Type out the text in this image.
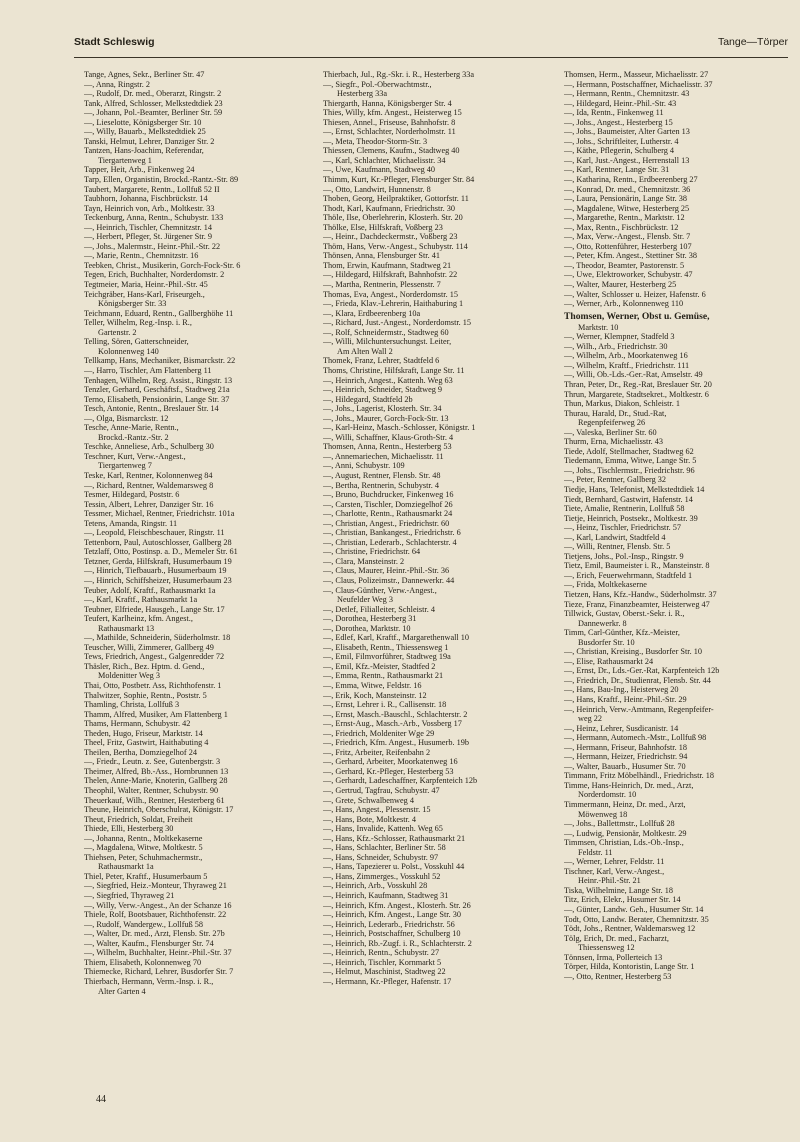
Stadt Schleswig	Tange—Törper
Tange, Agnes, Sekr., Berliner Str. 47
—, Anna, Ringstr. 2
—, Rudolf, Dr. med., Oberarzt, Ringstr. 2
Tank, Alfred, Schlosser, Melkstedtdiek 23
—, Johann, Pol.-Beamter, Berliner Str. 59
—, Lieselotte, Königsberger Str. 10
—, Willy, Bauarb., Melkstedtdiek 25
Tanski, Helmut, Lehrer, Danziger Str. 2
Tantzen, Hans-Joachim, Referendar,
Tiergartenweg 1
Tapper, Heit, Arb., Finkenweg 24
Tarp, Ellen, Organistin, Brockd.-Rantz.-Str. 89
Taubert, Margarete, Rentn., Lollfuß 52 II
Taubhorn, Johanna, Fischbrückstr. 14
Tayn, Heinrich von, Arb., Moltkestr. 33
Teckenburg, Anna, Rentn., Schubystr. 133
—, Heinrich, Tischler, Chemnitzstr. 14
—, Herbert, Pfleger, St. Jürgener Str. 9
—, Johs., Malermstr., Heinr.-Phil.-Str. 22
—, Marie, Rentn., Chemnitzstr. 16
Teebken, Christ., Musikerin, Gorch-Fock-Str. 6
Tegen, Erich, Buchhalter, Norderdomstr. 2
Tegtmeier, Maria, Heinr.-Phil.-Str. 45
Teichgräber, Hans-Karl, Friseurgeh.,
Königsberger Str. 33
Teichmann, Eduard, Rentn., Gallberghöhe 11
Teller, Wilhelm, Reg.-Insp. i. R.,
Gartenstr. 2
Telling, Sören, Gatterschneider,
Kolonnenweg 140
Tellkamp, Hans, Mechaniker, Bismarckstr. 22
—, Harro, Tischler, Am Flattenberg 11
Tenhagen, Wilhelm, Reg. Assist., Ringstr. 13
Tenzler, Gerhard, Geschäftsf., Stadtweg 21a
Terno, Elisabeth, Pensionärin, Lange Str. 37
Tesch, Antonie, Rentn., Breslauer Str. 14
—, Olga, Bismarckstr. 12
Tesche, Anne-Marie, Rentn.,
Brockd.-Rantz.-Str. 2
Teschke, Anneliese, Arb., Schulberg 30
Teschner, Kurt, Verw.-Angest.,
Tiergartenweg 7
Teske, Karl, Rentner, Kolonnenweg 84
—, Richard, Rentner, Waldemarsweg 8
Tesmer, Hildegard, Poststr. 6
Tessin, Albert, Lehrer, Danziger Str. 16
Tessmer, Michael, Rentner, Friedrichstr. 101a
Tetens, Amanda, Ringstr. 11
—, Leopold, Fleischbeschauer, Ringstr. 11
Tettenborn, Paul, Autoschlosser, Gallberg 28
Tetzlaff, Otto, Postinsp. a. D., Memeler Str. 61
Tetzner, Gerda, Hilfskraft, Husumerbaum 19
—, Hinrich, Tiefbauarb., Husumerbaum 19
—, Hinrich, Schiffsheizer, Husumerbaum 23
Teuber, Adolf, Kraftf., Rathausmarkt 1a
—, Karl, Kraftf., Rathausmarkt 1a
Teubner, Elfriede, Hausgeh., Lange Str. 17
Teufert, Karlheinz, kfm. Angest.,
Rathausmarkt 13
—, Mathilde, Schneiderin, Süderholmstr. 18
Teuscher, Willi, Zimmerer, Gallberg 49
Tews, Friedrich, Angest., Galgenredder 72
Thäsler, Rich., Bez. Hptm. d. Gend.,
Moldenitter Weg 3
Thai, Otto, Postbetr. Ass, Richthofenstr. 1
Thalwitzer, Sophie, Rentn., Poststr. 5
Thamling, Christa, Lollfuß 3
Thamm, Alfred, Musiker, Am Flattenberg 1
Thams, Hermann, Schubystr. 42
Theden, Hugo, Friseur, Marktstr. 14
Theel, Fritz, Gastwirt, Haithabuting 4
Theilen, Bertha, Domziegelhof 24
—, Friedr., Leutn. z. See, Gutenbergstr. 3
Theimer, Alfred, Bb.-Ass., Hornbrunnen 13
Thelen, Anne-Marie, Knoterin, Gallberg 28
Theophil, Walter, Rentner, Schubystr. 90
Theuerkauf, Wilh., Rentner, Hesterberg 61
Theune, Heinrich, Oberschulrat, Königstr. 17
Theut, Friedrich, Soldat, Freiheit
Thiede, Elli, Hesterberg 30
—, Johanna, Rentn., Moltkekaserne
—, Magdalena, Witwe, Moltkestr. 5
Thiehsen, Peter, Schuhmachermstr.,
Rathausmarkt 1a
Thiel, Peter, Kraftf., Husumerbaum 5
—, Siegfried, Heiz.-Monteur, Thyraweg 21
—, Siegfried, Thyraweg 21
—, Willy, Verw.-Angest., An der Schanze 16
Thiele, Rolf, Bootsbauer, Richthofenstr. 22
—, Rudolf, Wandergew., Lollfuß 58
—, Walter, Dr. med., Arzt, Flensb. Str. 27b
—, Walter, Kaufm., Flensburger Str. 74
—, Wilhelm, Buchhalter, Heinr.-Phil.-Str. 37
Thiem, Elisabeth, Kolonnenweg 70
Thiemecke, Richard, Lehrer, Busdorfer Str. 7
Thierbach, Hermann, Verm.-Insp. i. R.,
Alter Garten 4
Thierbach, Jul., Rg.-Skr. i. R., Hesterberg 33a
—, Siegfr., Pol.-Oberwachtmstr.,
Hesterberg 33a
Thiergarth, Hanna, Königsberger Str. 4
Thies, Willy, kfm. Angest., Heisterweg 15
Thiesen, Annel., Friseuse, Bahnhofstr. 8
—, Ernst, Schlachter, Norderholmstr. 11
—, Meta, Theodor-Storm-Str. 3
Thiessen, Clemens, Kaufm., Stadtweg 40
—, Karl, Schlachter, Michaelisstr. 34
—, Uwe, Kaufmann, Stadtweg 40
Thimm, Kurt, Kr.-Pfleger, Flensburger Str. 84
—, Otto, Landwirt, Hunnenstr. 8
Thoben, Georg, Heilpraktiker, Gottorfstr. 11
Thodt, Karl, Kaufmann, Friedrichstr. 30
Thöle, Ilse, Oberlehrerin, Klosterh. Str. 20
Thölke, Else, Hilfskraft, Voßberg 23
—, Heinr., Dachdeckermstr., Voßberg 23
Thöm, Hans, Verw.-Angest., Schubystr. 114
Thönsen, Anna, Flensburger Str. 41
Thom, Erwin, Kaufmann, Stadtweg 21
—, Hildegard, Hilfskraft, Bahnhofstr. 22
—, Martha, Rentnerin, Plessenstr. 7
Thomas, Eva, Angest., Norderdomstr. 15
—, Frieda, Klav.-Lehrerin, Haithaburing 1
—, Klara, Erdbeerenberg 10a
—, Richard, Just.-Angest., Norderdomstr. 15
—, Rolf, Schneidermstr., Stadtweg 60
—, Willi, Milchuntersuchungst. Leiter,
Am Alten Wall 2
Thomek, Franz, Lehrer, Stadtfeld 6
Thoms, Christine, Hilfskraft, Lange Str. 11
—, Heinrich, Angest., Kattenh. Weg 63
—, Heinrich, Schneider, Stadtweg 9
—, Hildegard, Stadtfeld 2b
—, Johs., Lagerist, Klosterh. Str. 34
—, Johs., Maurer, Gorch-Fock-Str. 13
—, Karl-Heinz, Masch.-Schlosser, Königstr. 1
—, Willi, Schaffner, Klaus-Groth-Str. 4
Thomsen, Anna, Rentn., Hesterberg 53
—, Annemariechen, Michaelisstr. 11
—, Anni, Schubystr. 109
—, August, Rentner, Flensb. Str. 48
—, Bertha, Rentnerin, Schubystr. 4
—, Bruno, Buchdrucker, Finkenweg 16
—, Carsten, Tischler, Domziegelhof 26
—, Charlotte, Rentn., Rathausmarkt 24
—, Christian, Angest., Friedrichstr. 60
—, Christian, Bankangest., Friedrichstr. 6
—, Christian, Lederarb., Schlachterstr. 4
—, Christine, Friedrichstr. 64
—, Clara, Mansteinstr. 2
—, Claus, Maurer, Heinr.-Phil.-Str. 36
—, Claus, Polizeimstr., Dannewerkr. 44
—, Claus-Günther, Verw.-Angest.,
Neufelder Weg 3
—, Detlef, Filialleiter, Schleistr. 4
—, Dorothea, Hesterberg 31
—, Dorothea, Marktstr. 10
—, Edlef, Karl, Kraftf., Margarethenwall 10
—, Elisabeth, Rentn., Thiessensweg 1
—, Emil, Filmvorführer, Stadtweg 19a
—, Emil, Kfz.-Meister, Stadtfed 2
—, Emma, Rentn., Rathausmarkt 21
—, Emma, Witwe, Feldstr. 16
—, Erik, Koch, Mansteinstr. 12
—, Ernst, Lehrer i. R., Callisenstr. 18
—, Ernst, Masch.-Bauschl., Schlachterstr. 2
—, Ernst-Aug., Masch.-Arb., Vossberg 17
—, Friedrich, Moldeniter Wge 29
—, Friedrich, Kfm. Angest., Husumerb. 19b
—, Fritz, Arbeiter, Reifenbahn 2
—, Gerhard, Arbeiter, Moorkatenweg 16
—, Gerhard, Kr.-Pfleger, Hesterberg 53
—, Gerhardt, Ladeschaffner, Karpfenteich 12b
—, Gertrud, Tagfrau, Schubystr. 47
—, Grete, Schwalbenweg 4
—, Hans, Angest., Plessenstr. 15
—, Hans, Bote, Moltkestr. 4
—, Hans, Invalide, Kattenh. Weg 65
—, Hans, Kfz.-Schlosser, Rathausmarkt 21
—, Hans, Schlachter, Berliner Str. 58
—, Hans, Schneider, Schubystr. 97
—, Hans, Tapezierer u. Polst., Vosskuhl 44
—, Hans, Zimmerges., Vosskuhl 52
—, Heinrich, Arb., Vosskuhl 28
—, Heinrich, Kaufmann, Stadtweg 31
—, Heinrich, Kfm. Angest., Klosterh. Str. 26
—, Heinrich, Kfm. Angest., Lange Str. 30
—, Heinrich, Lederarb., Friedrichstr. 56
—, Heinrich, Postschaffner, Schulberg 10
—, Heinrich, Rb.-Zugf. i. R., Schlachterstr. 2
—, Heinrich, Rentn., Schubystr. 27
—, Heinrich, Tischler, Kornmarkt 5
—, Helmut, Maschinist, Stadtweg 22
—, Hermann, Kr.-Pfleger, Hafenstr. 17
Thomsen, Herm., Masseur, Michaelisstr. 27
—, Hermann, Postschaffner, Michaelisstr. 37
—, Hermann, Rentn., Chemnitzstr. 43
—, Hildegard, Heinr.-Phil.-Str. 43
—, Ida, Rentn., Finkenweg 11
—, Johs., Angest., Hesterberg 15
—, Johs., Baumeister, Alter Garten 13
—, Johs., Schriftleiter, Lutherstr. 4
—, Käthe, Pflegerin, Schulberg 4
—, Karl, Just.-Angest., Herrenstall 13
—, Karl, Rentner, Lange Str. 31
—, Katharina, Rentn., Erdbeerenberg 27
—, Konrad, Dr. med., Chemnitzstr. 36
—, Laura, Pensionärin, Lange Str. 38
—, Magdalene, Witwe, Hesterberg 25
—, Margarethe, Rentn., Marktstr. 12
—, Max, Rentn., Fischbrückstr. 12
—, Max, Verw.-Angest., Flensb. Str. 7
—, Otto, Rottenführer, Hesterberg 107
—, Peter, Kfm. Angest., Stettiner Str. 38
—, Theodor, Beamter, Pastorenstr. 5
—, Uwe, Elektroworker, Schubystr. 47
—, Walter, Maurer, Hesterberg 25
—, Walter, Schlosser u. Heizer, Hafenstr. 6
—, Werner, Arb., Kolonnenweg 110
Thomsen, Werner, Obst u. Gemüse,
Marktstr. 10
—, Werner, Klempner, Stadfeld 3
—, Wilh., Arb., Friedrichstr. 30
—, Wilhelm, Arb., Moorkatenweg 16
—, Wilhelm, Kraftf., Friedrichstr. 111
—, Willi, Ob.-Lds.-Ger.-Rat, Amselstr. 49
Thran, Peter, Dr., Reg.-Rat, Breslauer Str. 20
Thrun, Margarete, Stadtsekret., Moltkestr. 6
Thun, Markus, Diakon, Schleistr. 1
Thurau, Harald, Dr., Stud.-Rat,
Regenpfeiferweg 26
—, Valeska, Berliner Str. 60
Thurm, Erna, Michaelisstr. 43
Tiede, Adolf, Stellmacher, Stadtweg 62
Tiedemann, Emma, Witwe, Lange Str. 5
—, Johs., Tischlermstr., Friedrichstr. 96
—, Peter, Rentner, Gallberg 32
Tiedje, Hans, Telefonist, Melkstedtdiek 14
Tiedt, Bernhard, Gastwirt, Hafenstr. 14
Tiete, Amalie, Rentnerin, Lollfuß 58
Tietje, Heinrich, Postsekr., Moltkestr. 39
—, Heinz, Tischler, Friedrichstr. 57
—, Karl, Landwirt, Stadtfeld 4
—, Willi, Rentner, Flensb. Str. 5
Tietjens, Johs., Pol.-Insp., Ringstr. 9
Tietz, Emil, Baumeister i. R., Mansteinstr. 8
—, Erich, Feuerwehrmann, Stadtfeld 1
—, Frida, Moltkekaserne
Tietzen, Hans, Kfz.-Handw., Süderholmstr. 37
Tieze, Franz, Finanzbeamter, Heisterweg 47
Tillwick, Gustav, Oberst.-Sekr. i. R.,
Dannewerkr. 8
Timm, Carl-Günther, Kfz.-Meister,
Busdorfer Str. 10
—, Christian, Kreising., Busdorfer Str. 10
—, Elise, Rathausmarkt 24
—, Ernst, Dr., Lds.-Ger.-Rat, Karpfenteich 12b
—, Friedrich, Dr., Studienrat, Flensb. Str. 44
—, Hans, Bau-Ing., Heisterweg 20
—, Hans, Kraftf., Heinr.-Phil.-Str. 29
—, Heinrich, Verw.-Amtmann, Regenpfeifer-
weg 22
—, Heinz, Lehrer, Susdicanistr. 14
—, Hermann, Automech.-Mstr., Lollfuß 98
—, Hermann, Friseur, Bahnhofstr. 18
—, Hermann, Heizer, Friedrichstr. 94
—, Walter, Bauarb., Husumer Str. 70
Timmann, Fritz Möbelhändl., Friedrichstr. 18
Timme, Hans-Heinrich, Dr. med., Arzt,
Norderdomstr. 10
Timmermann, Heinz, Dr. med., Arzt,
Möwenweg 18
—, Johs., Ballettmstr., Lollfuß 28
—, Ludwig, Pensionär, Moltkestr. 29
Timmsen, Christian, Lds.-Ob.-Insp.,
Feldstr. 11
—, Werner, Lehrer, Feldstr. 11
Tischner, Karl, Verw.-Angest.,
Heinr.-Phil.-Str. 21
Tiska, Wilhelmine, Lange Str. 18
Titz, Erich, Elekr., Husumer Str. 14
—, Günter, Landw. Geh., Husumer Str. 14
Todt, Otto, Landw. Berater, Chemnitzstr. 35
Tödt, Johs., Rentner, Waldemarsweg 12
Tölg, Erich, Dr. med., Facharzt,
Thiessensweg 12
Tönnsen, Irma, Pollerteich 13
Törper, Hilda, Kontoristin, Lange Str. 1
—, Otto, Rentner, Hesterberg 53
44
